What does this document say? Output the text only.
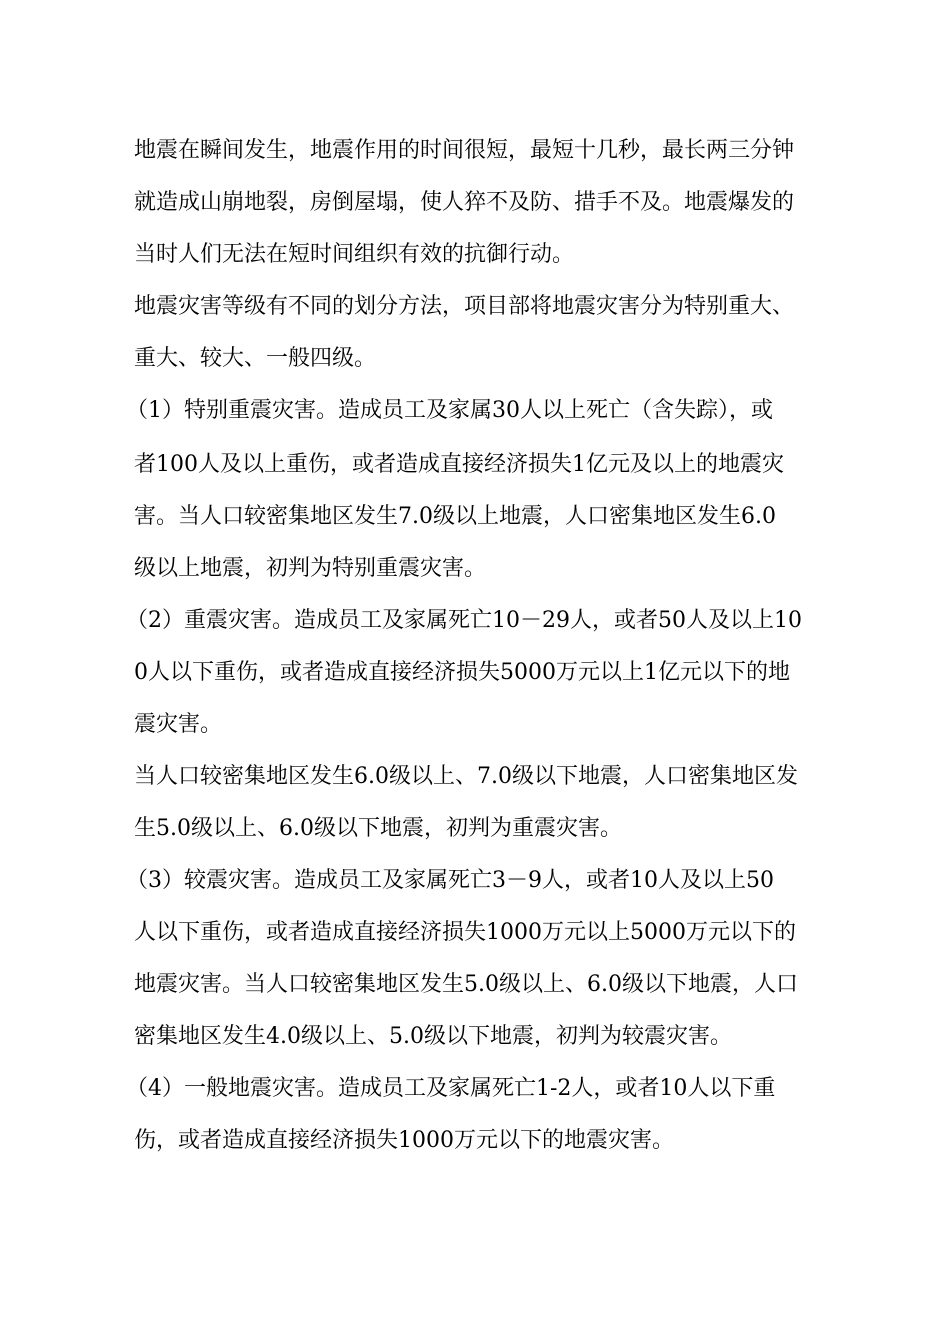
地震在瞬间发生，地震作用的时间很短，最短十几秒，最长两三分钟
就造成山崩地裂，房倒屋塌，使人猝不及防、措手不及。地震爆发的
当时人们无法在短时间组织有效的抗御行动。
地震灾害等级有不同的划分方法，项目部将地震灾害分为特别重大、
重大、较大、一般四级。
（1）特别重震灾害。造成员工及家属30人以上死亡（含失踪），或
者100人及以上重伤，或者造成直接经济损失1亿元及以上的地震灾
害。当人口较密集地区发生7.0级以上地震，人口密集地区发生6.0
级以上地震，初判为特别重震灾害。
（2）重震灾害。造成员工及家属死亡10－29人，或者50人及以上10
0人以下重伤，或者造成直接经济损失5000万元以上1亿元以下的地
震灾害。
当人口较密集地区发生6.0级以上、7.0级以下地震，人口密集地区发
生5.0级以上、6.0级以下地震，初判为重震灾害。
（3）较震灾害。造成员工及家属死亡3－9人，或者10人及以上50
人以下重伤，或者造成直接经济损失1000万元以上5000万元以下的
地震灾害。当人口较密集地区发生5.0级以上、6.0级以下地震，人口
密集地区发生4.0级以上、5.0级以下地震，初判为较震灾害。
（4）一般地震灾害。造成员工及家属死亡1-2人，或者10人以下重
伤，或者造成直接经济损失1000万元以下的地震灾害。
